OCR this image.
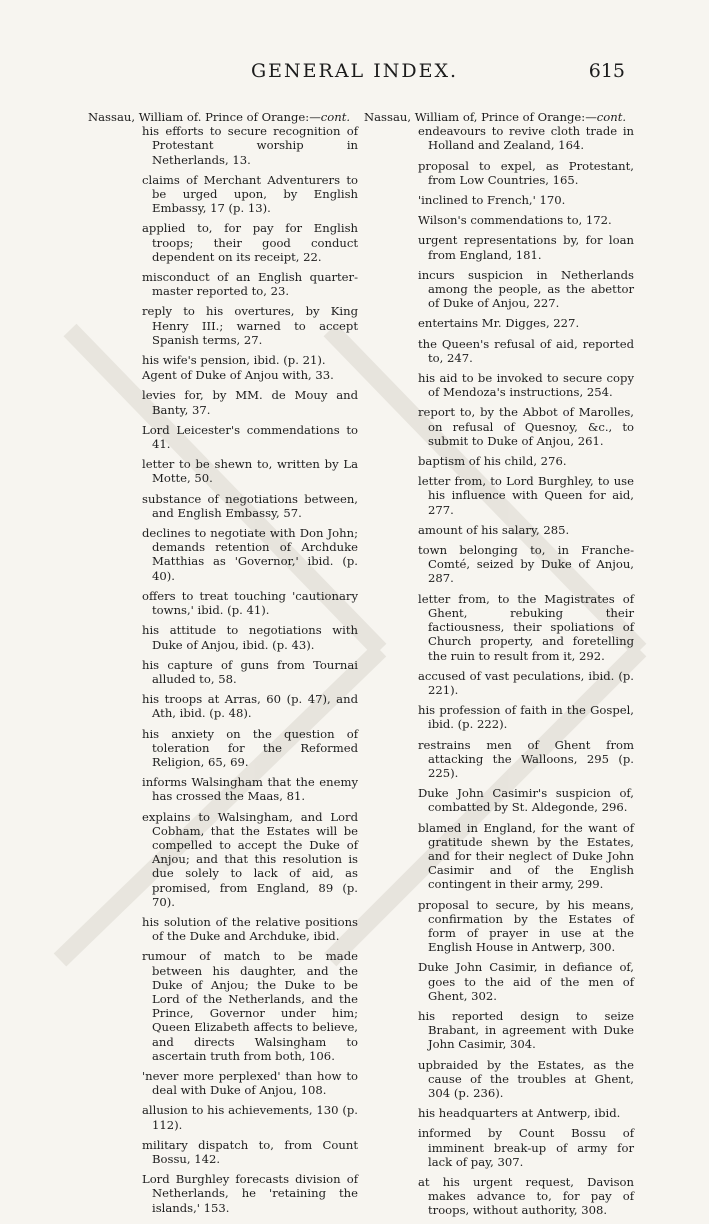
GENERAL INDEX.	615
Nassau, William of. Prince of Orange:—cont.
his efforts to secure recognition of Protestant worship in Netherlands, 13.
claims of Merchant Adventurers to be urged upon, by English Embassy, 17 (p. 13).
applied to, for pay for English troops; their good conduct dependent on its receipt, 22.
misconduct of an English quarter-master reported to, 23.
reply to his overtures, by King Henry III.; warned to accept Spanish terms, 27.
his wife's pension, ibid. (p. 21).
Agent of Duke of Anjou with, 33.
levies for, by MM. de Mouy and Banty, 37.
Lord Leicester's commendations to 41.
letter to be shewn to, written by La Motte, 50.
substance of negotiations between, and English Embassy, 57.
declines to negotiate with Don John; demands retention of Archduke Matthias as 'Governor,' ibid. (p. 40).
offers to treat touching 'cautionary towns,' ibid. (p. 41).
his attitude to negotiations with Duke of Anjou, ibid. (p. 43).
his capture of guns from Tournai alluded to, 58.
his troops at Arras, 60 (p. 47), and Ath, ibid. (p. 48).
his anxiety on the question of toleration for the Reformed Religion, 65, 69.
informs Walsingham that the enemy has crossed the Maas, 81.
explains to Walsingham, and Lord Cobham, that the Estates will be compelled to accept the Duke of Anjou; and that this resolution is due solely to lack of aid, as promised, from England, 89 (p. 70).
his solution of the relative positions of the Duke and Archduke, ibid.
rumour of match to be made between his daughter, and the Duke of Anjou; the Duke to be Lord of the Netherlands, and the Prince, Governor under him; Queen Elizabeth affects to believe, and directs Walsingham to ascertain truth from both, 106.
'never more perplexed' than how to deal with Duke of Anjou, 108.
allusion to his achievements, 130 (p. 112).
military dispatch to, from Count Bossu, 142.
Lord Burghley forecasts division of Netherlands, he 'retaining the islands,' 153.
Nassau, William of, Prince of Orange:—cont.
endeavours to revive cloth trade in Holland and Zealand, 164.
proposal to expel, as Protestant, from Low Countries, 165.
'inclined to French,' 170.
Wilson's commendations to, 172.
urgent representations by, for loan from England, 181.
incurs suspicion in Netherlands among the people, as the abettor of Duke of Anjou, 227.
entertains Mr. Digges, 227.
the Queen's refusal of aid, reported to, 247.
his aid to be invoked to secure copy of Mendoza's instructions, 254.
report to, by the Abbot of Marolles, on refusal of Quesnoy, &c., to submit to Duke of Anjou, 261.
baptism of his child, 276.
letter from, to Lord Burghley, to use his influence with Queen for aid, 277.
amount of his salary, 285.
town belonging to, in Franche-Comté, seized by Duke of Anjou, 287.
letter from, to the Magistrates of Ghent, rebuking their factiousness, their spoliations of Church property, and foretelling the ruin to result from it, 292.
accused of vast peculations, ibid. (p. 221).
his profession of faith in the Gospel, ibid. (p. 222).
restrains men of Ghent from attacking the Walloons, 295 (p. 225).
Duke John Casimir's suspicion of, combatted by St. Aldegonde, 296.
blamed in England, for the want of gratitude shewn by the Estates, and for their neglect of Duke John Casimir and of the English contingent in their army, 299.
proposal to secure, by his means, confirmation by the Estates of form of prayer in use at the English House in Antwerp, 300.
Duke John Casimir, in defiance of, goes to the aid of the men of Ghent, 302.
his reported design to seize Brabant, in agreement with Duke John Casimir, 304.
upbraided by the Estates, as the cause of the troubles at Ghent, 304 (p. 236).
his headquarters at Antwerp, ibid.
informed by Count Bossu of imminent break-up of army for lack of pay, 307.
at his urgent request, Davison makes advance to, for pay of troops, without authority, 308.
